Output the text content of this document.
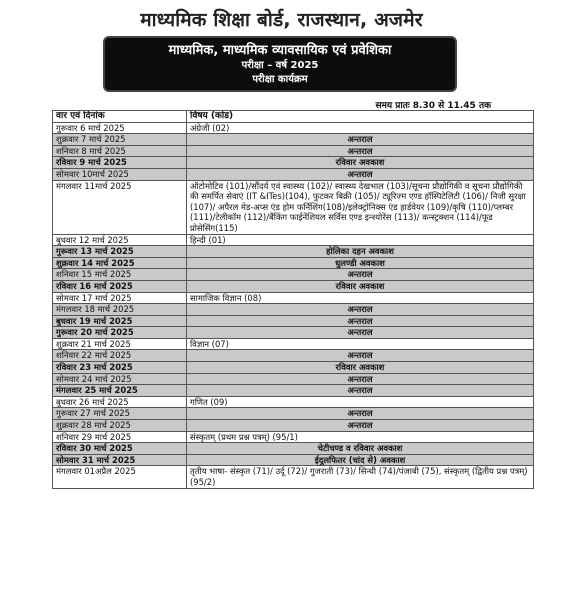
माध्यमिक शिक्षा बोर्ड, राजस्थान, अजमेर
माध्यमिक, माध्यमिक व्यावसायिक एवं प्रवेशिका
परीक्षा – वर्ष 2025
परीक्षा कार्यक्रम
समय प्रातः 8.30 से 11.45 तक
वार एवं दिनांक	विषय (कोड)
गुरूवार 6 मार्च 2025	अंग्रेजी (02)
शुक्रवार 7 मार्च 2025	अन्तराल
शनिवार 8 मार्च 2025	अन्तराल
रविवार 9 मार्च 2025	रविवार अवकाश
सोमवार 10मार्च 2025	अन्तराल
मंगलवार 11मार्च 2025	ऑटोमोटिव (101)/सौंदर्य एवं स्वास्थ्य (102)/ स्वास्थ्य देखभाल (103)/सूचना प्रौद्योगिकी व सूचना प्रौद्योगिकी की समर्पित सेवाएं (IT &ITes)(104), फुटकर बिक्री (105)/ ट्यूरिज्म एण्ड हॉस्पिटेलिटी (106)/ निजी सुरक्षा (107)/ अपैरल मेड-अप्स एंड होम फर्निशिंग(108)/इलेक्ट्रोनिक्स एंड हार्डवेयर (109)/कृषि (110)/प्लम्बर (111)/टेलीकॉम (112)/बैंकिंग फाईनेंशियल सर्विस एण्ड इन्श्योरेंस (113)/ कन्स्ट्रक्शन (114)/फूड प्रोसेसिंग(115)
बुधवार 12 मार्च 2025	हिन्दी (01)
गुरूवार 13 मार्च 2025	होलिका दहन अवकाश
शुक्रवार 14 मार्च 2025	धुलण्डी अवकाश
शनिवार 15 मार्च 2025	अन्तराल
रविवार 16 मार्च 2025	रविवार अवकाश
सोमवार 17 मार्च 2025	सामाजिक विज्ञान (08)
मंगलवार 18 मार्च 2025	अन्तराल
बुधवार 19 मार्च 2025	अन्तराल
गुरूवार 20 मार्च 2025	अन्तराल
शुक्रवार 21 मार्च 2025	विज्ञान (07)
शनिवार 22 मार्च 2025	अन्तराल
रविवार 23 मार्च 2025	रविवार अवकाश
सोमवार 24 मार्च 2025	अन्तराल
मंगलवार 25 मार्च 2025	अन्तराल
बुधवार 26 मार्च 2025	गणित (09)
गुरूवार 27 मार्च 2025	अन्तराल
शुक्रवार 28 मार्च 2025	अन्तराल
शनिवार 29 मार्च 2025	संस्कृतम् (प्रथम प्रश्न पत्रम्) (95/1)
रविवार 30 मार्च 2025	चेटीचण्ड व रविवार अवकाश
सोमवार 31 मार्च 2025	ईदुलफितर (चांद से) अवकाश
मंगलवार 01अप्रैल 2025	तृतीय भाषा- संस्कृत (71)/ उर्दू (72)/ गुजराती (73)/ सिन्धी (74)/पंजाबी (75), संस्कृतम् (द्वितीय प्रश्न पत्रम्) (95/2)
